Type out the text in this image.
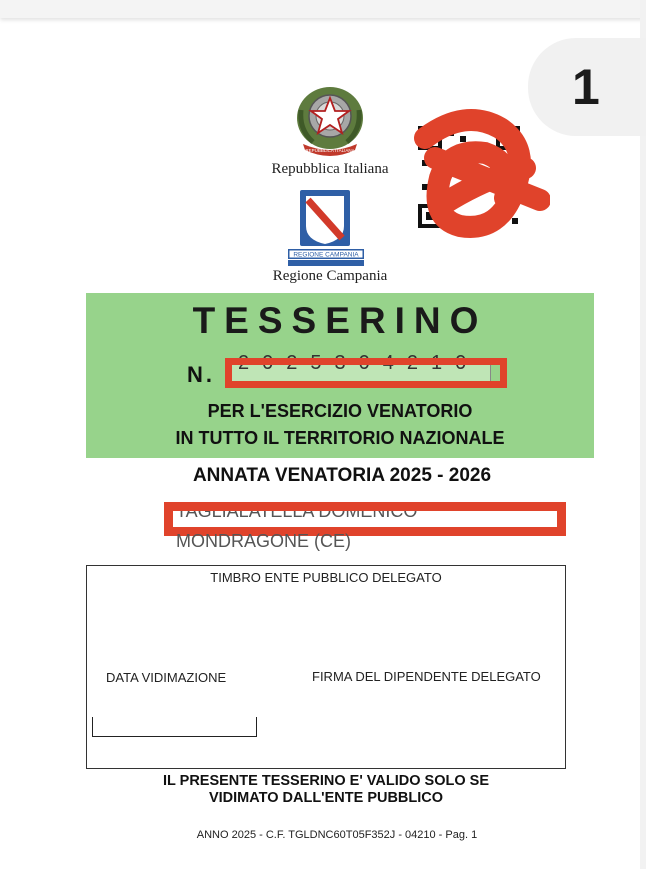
1
REPUBBLICA ITALIANA
Repubblica Italiana
REGIONE CAMPANIA
Regione Campania
TESSERINO
N. 2025304210
PER L'ESERCIZIO VENATORIO
IN TUTTO IL TERRITORIO NAZIONALE
ANNATA VENATORIA 2025 - 2026
TAGLIALATELLA DOMENICO
MONDRAGONE (CE)
TIMBRO ENTE PUBBLICO DELEGATO
DATA VIDIMAZIONE	FIRMA DEL DIPENDENTE DELEGATO
IL PRESENTE TESSERINO E' VALIDO SOLO SE
VIDIMATO DALL'ENTE PUBBLICO
ANNO 2025 - C.F. TGLDNC60T05F352J - 04210 - Pag. 1
